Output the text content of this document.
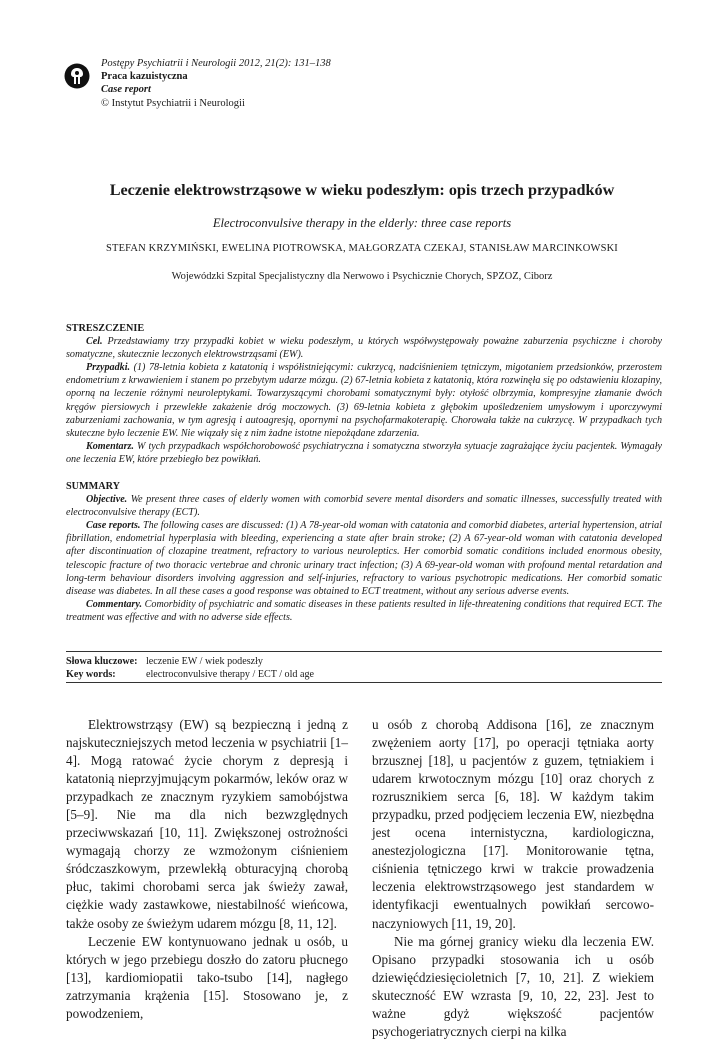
Postępy Psychiatrii i Neurologii 2012, 21(2): 131–138
Praca kazuistyczna
Case report
© Instytut Psychiatrii i Neurologii
Leczenie elektrowstrząsowe w wieku podeszłym: opis trzech przypadków
Electroconvulsive therapy in the elderly: three case reports
STEFAN KRZYMIŃSKI, EWELINA PIOTROWSKA, MAŁGORZATA CZEKAJ, STANISŁAW MARCINKOWSKI
Wojewódzki Szpital Specjalistyczny dla Nerwowo i Psychicznie Chorych, SPZOZ, Ciborz
STRESZCZENIE

Cel. Przedstawiamy trzy przypadki kobiet w wieku podeszłym, u których współwystępowały poważne zaburzenia psychiczne i choroby somatyczne, skutecznie leczonych elektrowstrząsami (EW).

Przypadki. (1) 78-letnia kobieta z katatonią i współistniejącymi: cukrzycą, nadciśnieniem tętniczym, migotaniem przedsionków, przerostem endometrium z krwawieniem i stanem po przebytym udarze mózgu. (2) 67-letnia kobieta z katatonią, która rozwinęła się po odstawieniu klozapiny, oporną na leczenie różnymi neuroleptykami. Towarzyszącymi chorobami somatycznymi były: otyłość olbrzymia, kompresyjne złamanie dwóch kręgów piersiowych i przewlekłe zakażenie dróg moczowych. (3) 69-letnia kobieta z głębokim upośledzeniem umysłowym i uporczywymi zaburzeniami zachowania, w tym agresją i autoagresją, opornymi na psychofarmakoterapię. Chorowała także na cukrzycę. W przypadkach tych skuteczne było leczenie EW. Nie wiązały się z nim żadne istotne niepożądane zdarzenia.

Komentarz. W tych przypadkach współchorobowość psychiatryczna i somatyczna stworzyła sytuacje zagrażające życiu pacjentek. Wymagały one leczenia EW, które przebiegło bez powikłań.

SUMMARY

Objective. We present three cases of elderly women with comorbid severe mental disorders and somatic illnesses, successfully treated with electroconvulsive therapy (ECT).

Case reports. The following cases are discussed: (1) A 78-year-old woman with catatonia and comorbid diabetes, arterial hypertension, atrial fibrillation, endometrial hyperplasia with bleeding, experiencing a state after brain stroke; (2) A 67-year-old woman with catatonia developed after discontinuation of clozapine treatment, refractory to various neuroleptics. Her comorbid somatic conditions included enormous obesity, telescopic fracture of two thoracic vertebrae and chronic urinary tract infection; (3) A 69-year-old woman with profound mental retardation and long-term behaviour disorders involving aggression and self-injuries, refractory to various psychotropic medications. Her comorbid somatic disease was diabetes. In all these cases a good response was obtained to ECT treatment, without any serious adverse events.

Commentary. Comorbidity of psychiatric and somatic diseases in these patients resulted in life-threatening conditions that required ECT. The treatment was effective and with no adverse side effects.

Słowa kluczowe: leczenie EW / wiek podeszły
Key words:	electroconvulsive therapy / ECT / old age

Elektrowstrząsy (EW) są bezpieczną i jedną z najskuteczniejszych metod leczenia w psychiatrii [1–4]. Mogą ratować życie chorym z depresją i katatonią nieprzyjmującym pokarmów, leków oraz w przypadkach ze znacznym ryzykiem samobójstwa [5–9]. Nie ma dla nich bezwzględnych przeciwwskazań [10, 11]. Zwiększonej ostrożności wymagają chorzy ze wzmożonym ciśnieniem śródczaszkowym, przewlekłą obturacyjną chorobą płuc, takimi chorobami serca jak świeży zawał, ciężkie wady zastawkowe, niestabilność wieńcowa, także osoby ze świeżym udarem mózgu [8, 11, 12].

Leczenie EW kontynuowano jednak u osób, u których w jego przebiegu doszło do zatoru płucnego [13], kardiomiopatii tako-tsubo [14], nagłego zatrzymania krążenia [15]. Stosowano je, z powodzeniem,

u osób z chorobą Addisona [16], ze znacznym zwężeniem aorty [17], po operacji tętniaka aorty brzusznej [18], u pacjentów z guzem, tętniakiem i udarem krwotocznym mózgu [10] oraz chorych z rozrusznikiem serca [6, 18]. W każdym takim przypadku, przed podjęciem leczenia EW, niezbędna jest ocena internistyczna, kardiologiczna, anestezjologiczna [17]. Monitorowanie tętna, ciśnienia tętniczego krwi w trakcie prowadzenia leczenia elektrowstrząsowego jest standardem w identyfikacji ewentualnych powikłań sercowo-naczyniowych [11, 19, 20].

Nie ma górnej granicy wieku dla leczenia EW. Opisano przypadki stosowania ich u osób dziewięćdziesięcioletnich [7, 10, 21]. Z wiekiem skuteczność EW wzrasta [9, 10, 22, 23]. Jest to ważne gdyż większość pacjentów psychogeriatrycznych cierpi na kilka
